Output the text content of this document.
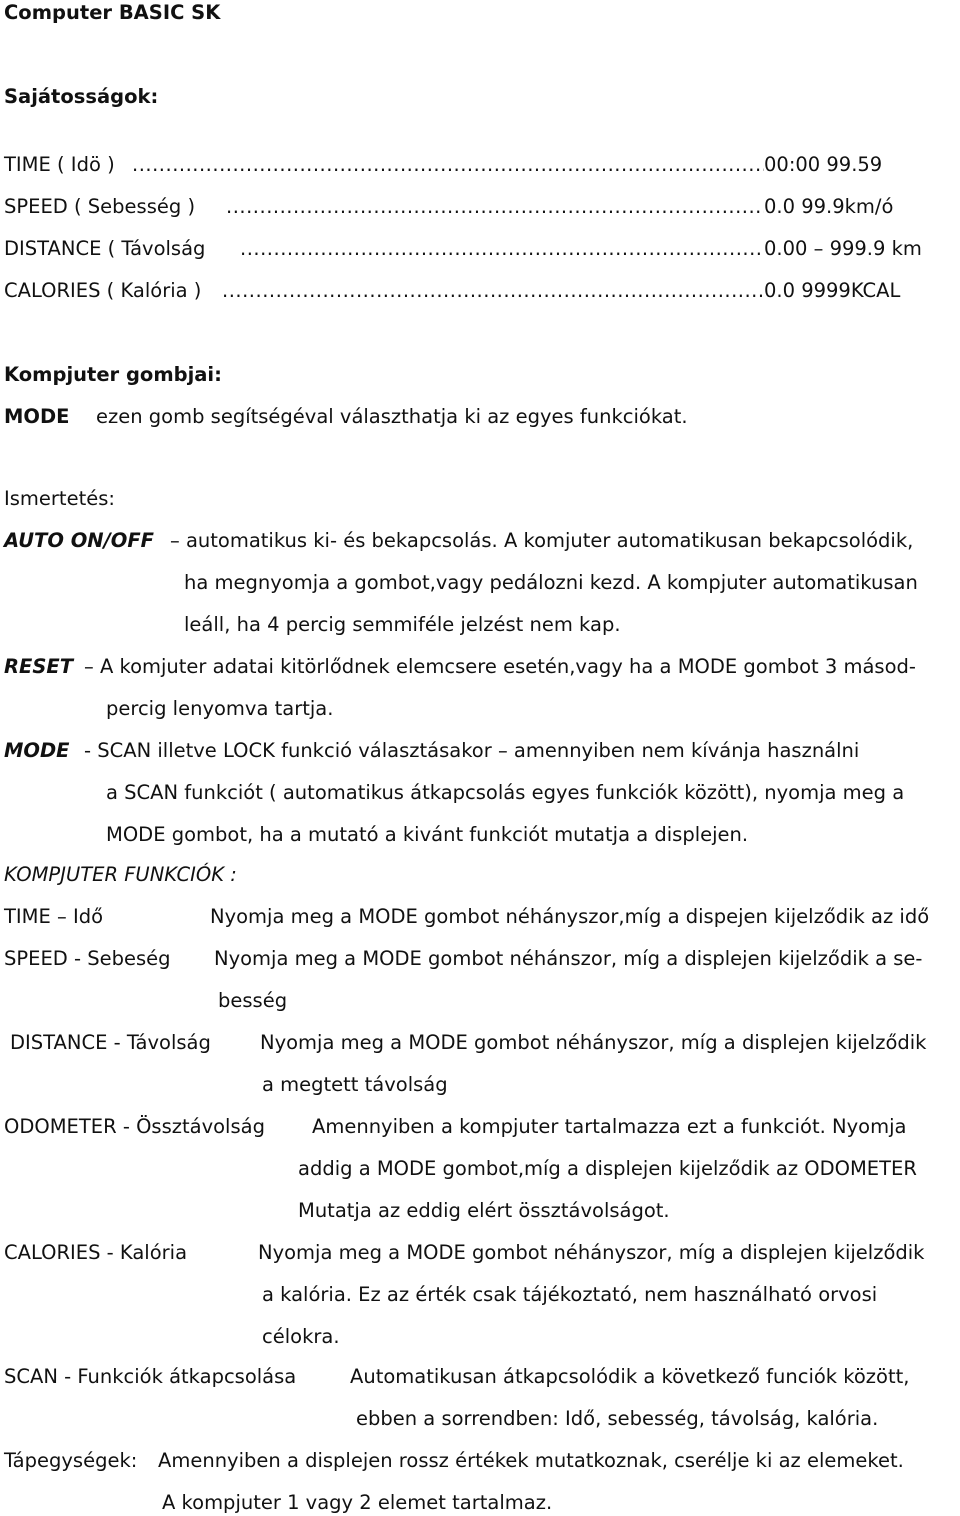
Computer BASIC SK
Sajátosságok:
TIME ( Idö ) .....	00:00 99.59
SPEED ( Sebesség ) .....	0.0 99.9km/ó
DISTANCE ( Távolság .....	0.00 – 999.9 km
CALORIES ( Kalória ) .....	0.0 9999KCAL
Kompjuter gombjai:
MODE ezen gomb segítségéval választhatja ki az egyes funkciókat.
Ismertetés:
AUTO ON/OFF – automatikus ki- és bekapcsolás. A komjuter automatikusan bekapcsolódik,
ha megnyomja a gombot,vagy pedálozni kezd. A kompjuter automatikusan
leáll, ha 4 percig semmiféle jelzést nem kap.
RESET – A komjuter adatai kitörlődnek elemcsere esetén,vagy ha a MODE gombot 3 másod-
percig lenyomva tartja.
MODE - SCAN illetve LOCK funkció választásakor – amennyiben nem kívánja használni
a SCAN funkciót ( automatikus átkapcsolás egyes funkciók között), nyomja meg a
MODE gombot, ha a mutató a kivánt funkciót mutatja a displejen.
KOMPJUTER FUNKCIÓK :
TIME – Idő	Nyomja meg a MODE gombot néhányszor,míg a dispejen kijelződik az idő
SPEED - Sebeség Nyomja meg a MODE gombot néhánszor, míg a displejen kijelződik a se-
besség
DISTANCE - Távolság	Nyomja meg a MODE gombot néhányszor, míg a displejen kijelződik
a megtett távolság
ODOMETER - Össztávolság Amennyiben a kompjuter tartalmazza ezt a funkciót. Nyomja
addig a MODE gombot,míg a displejen kijelződik az ODOMETER
Mutatja az eddig elért össztávolságot.
CALORIES - Kalória	Nyomja meg a MODE gombot néhányszor, míg a displejen kijelződik
a kalória. Ez az érték csak tájékoztató, nem használható orvosi
célokra.
SCAN - Funkciók átkapcsolása	Automatikusan átkapcsolódik a következő funciók között,
ebben a sorrendben: Idő, sebesség, távolság, kalória.
Tápegységek: Amennyiben a displejen rossz értékek mutatkoznak, cserélje ki az elemeket.
A kompjuter 1 vagy 2 elemet tartalmaz.
